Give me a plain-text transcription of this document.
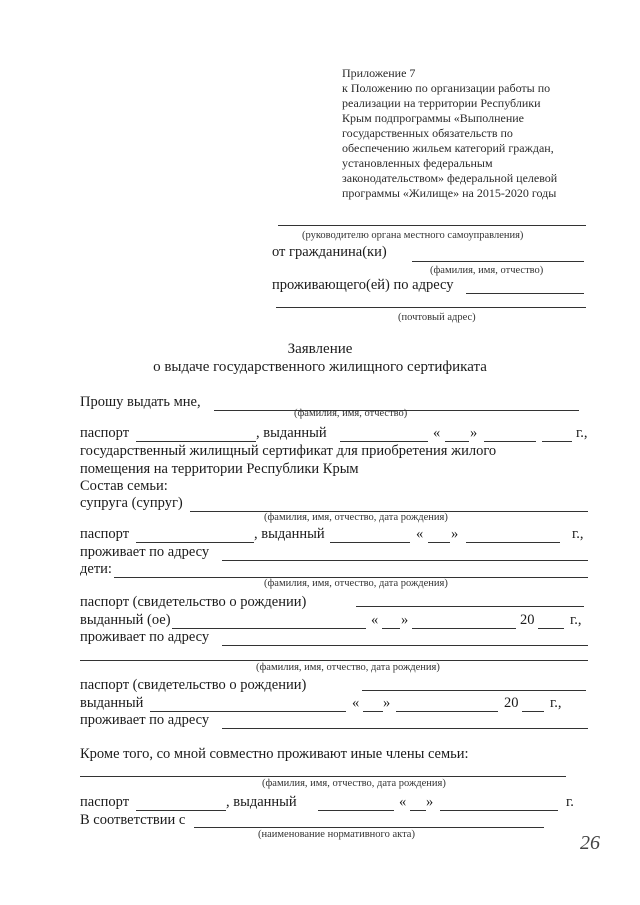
Приложение 7
к Положению по организации работы по
реализации на территории Республики
Крым подпрограммы «Выполнение
государственных обязательств по
обеспечению жильем категорий граждан,
установленных федеральным
законодательством» федеральной целевой
программы «Жилище» на 2015-2020 годы
(руководителю органа местного самоуправления)
от гражданина(ки)
(фамилия, имя, отчество)
проживающего(ей) по адресу
(почтовый адрес)
Заявление
о выдаче государственного жилищного сертификата
Прошу выдать мне,
(фамилия, имя, отчество)
паспорт	, выданный	« »	г.,
государственный жилищный сертификат для приобретения жилого
помещения на территории Республики Крым
Состав семьи:
супруга (супруг)
(фамилия, имя, отчество, дата рождения)
паспорт	, выданный	« »	г.,
проживает по адресу
дети:
(фамилия, имя, отчество, дата рождения)
паспорт (свидетельство о рождении)
выданный (ое)	« »	20 г.,
проживает по адресу
(фамилия, имя, отчество, дата рождения)
паспорт (свидетельство о рождении)
выданный	« »	20 г.,
проживает по адресу
Кроме того, со мной совместно проживают иные члены семьи:
(фамилия, имя, отчество, дата рождения)
паспорт	, выданный	« »	г.
В соответствии с
(наименование нормативного акта)	26
